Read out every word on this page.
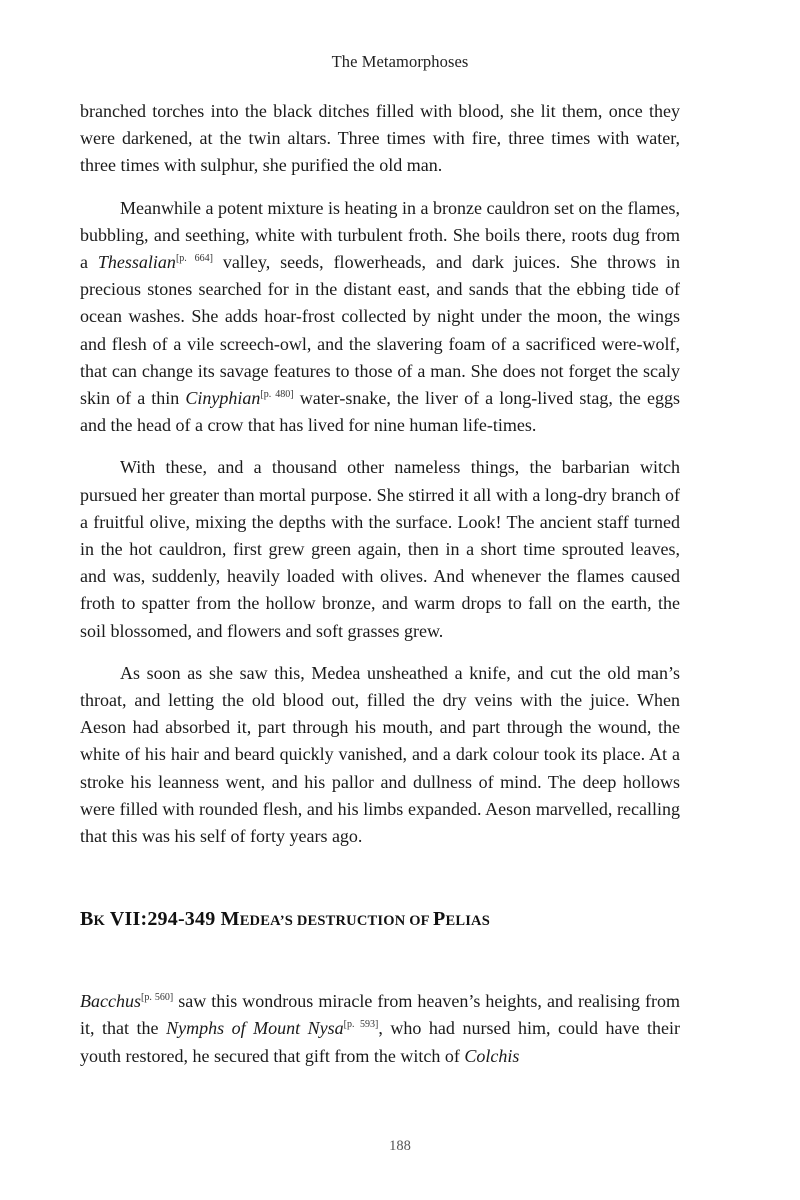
The Metamorphoses

branched torches into the black ditches filled with blood, she lit them, once they were darkened, at the twin altars. Three times with fire, three times with water, three times with sulphur, she purified the old man.

Meanwhile a potent mixture is heating in a bronze cauldron set on the flames, bubbling, and seething, white with turbulent froth. She boils there, roots dug from a Thessalian[p. 664] valley, seeds, flowerheads, and dark juices. She throws in precious stones searched for in the distant east, and sands that the ebbing tide of ocean washes. She adds hoar-frost collected by night under the moon, the wings and flesh of a vile screech-owl, and the slavering foam of a sacrificed were-wolf, that can change its savage features to those of a man. She does not forget the scaly skin of a thin Cinyphian[p. 480] water-snake, the liver of a long-lived stag, the eggs and the head of a crow that has lived for nine human life-times.

With these, and a thousand other nameless things, the barbarian witch pursued her greater than mortal purpose. She stirred it all with a long-dry branch of a fruitful olive, mixing the depths with the surface. Look! The ancient staff turned in the hot cauldron, first grew green again, then in a short time sprouted leaves, and was, suddenly, heavily loaded with olives. And whenever the flames caused froth to spatter from the hollow bronze, and warm drops to fall on the earth, the soil blossomed, and flowers and soft grasses grew.

As soon as she saw this, Medea unsheathed a knife, and cut the old man’s throat, and letting the old blood out, filled the dry veins with the juice. When Aeson had absorbed it, part through his mouth, and part through the wound, the white of his hair and beard quickly vanished, and a dark colour took its place. At a stroke his leanness went, and his pallor and dullness of mind. The deep hollows were filled with rounded flesh, and his limbs expanded. Aeson marvelled, recalling that this was his self of forty years ago.

BK VII:294-349 MEDEA’S DESTRUCTION OF PELIAS

Bacchus[p. 560] saw this wondrous miracle from heaven’s heights, and realising from it, that the Nymphs of Mount Nysa[p. 593], who had nursed him, could have their youth restored, he secured that gift from the witch of Colchis

188
